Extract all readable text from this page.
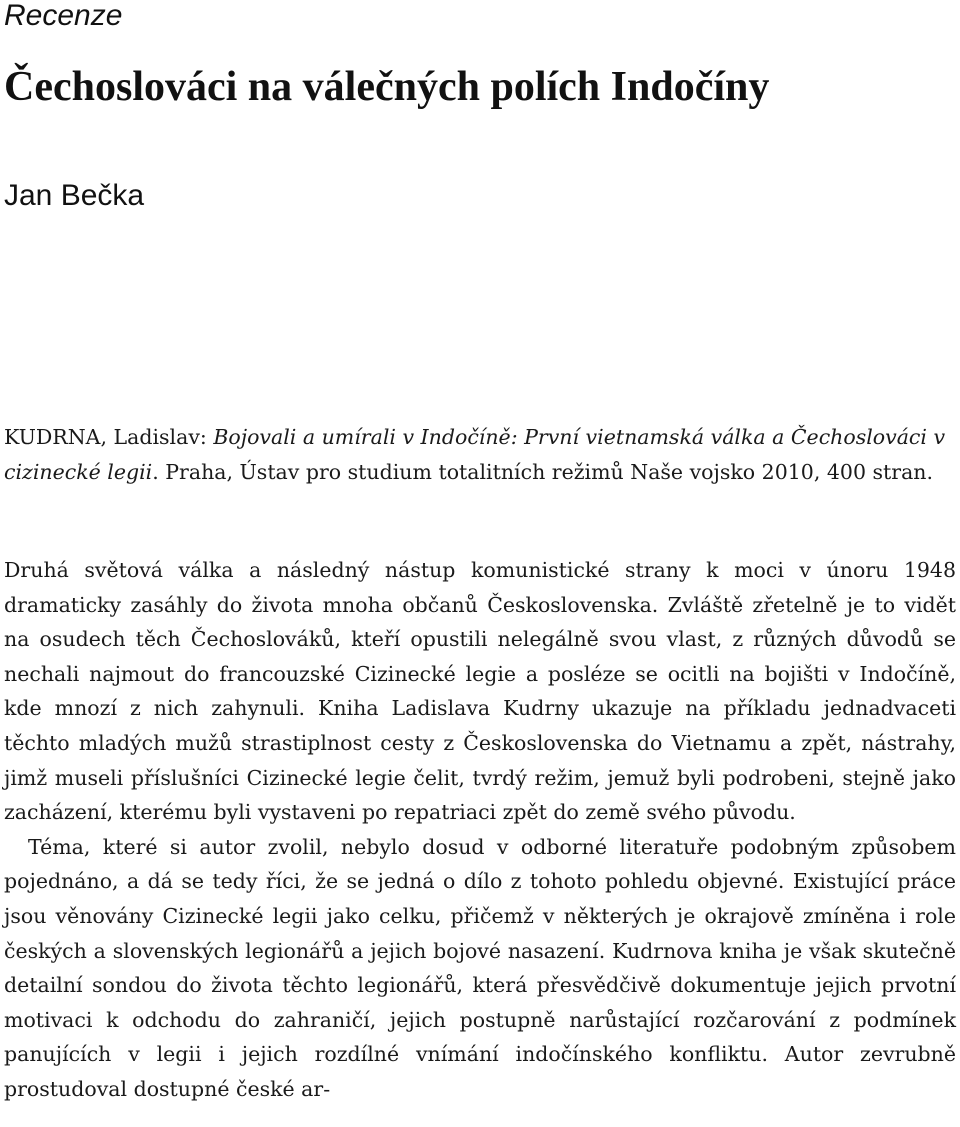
Recenze

Čechoslováci na válečných polích Indočíny

Jan Bečka

KUDRNA, Ladislav: Bojovali a umírali v Indočíně: První vietnamská válka a Čechoslováci v cizinecké legii. Praha, Ústav pro studium totalitních režimů Naše vojsko 2010, 400 stran.

Druhá světová válka a následný nástup komunistické strany k moci v únoru 1948 dramaticky zasáhly do života mnoha občanů Československa. Zvláště zřetelně je to vidět na osudech těch Čechoslováků, kteří opustili nelegálně svou vlast, z různých důvodů se nechali najmout do francouzské Cizinecké legie a posléze se ocitli na bojišti v Indočíně, kde mnozí z nich zahynuli. Kniha Ladislava Kudrny ukazuje na příkladu jednadvaceti těchto mladých mužů strastiplnost cesty z Československa do Vietnamu a zpět, nástrahy, jimž museli příslušníci Cizinecké legie čelit, tvrdý režim, jemuž byli podrobeni, stejně jako zacházení, kterému byli vystaveni po repatriaci zpět do země svého původu.

Téma, které si autor zvolil, nebylo dosud v odborné literatuře podobným způsobem pojednáno, a dá se tedy říci, že se jedná o dílo z tohoto pohledu objevné. Existující práce jsou věnovány Cizinecké legii jako celku, přičemž v některých je okrajově zmíněna i role českých a slovenských legionářů a jejich bojové nasazení. Kudrnova kniha je však skutečně detailní sondou do života těchto legionářů, která přesvědčivě dokumentuje jejich prvotní motivaci k odchodu do zahraničí, jejich postupně narůstající rozčarování z podmínek panujících v legii i jejich rozdílné vnímání indočínského konfliktu. Autor zevrubně prostudoval dostupné české ar-
